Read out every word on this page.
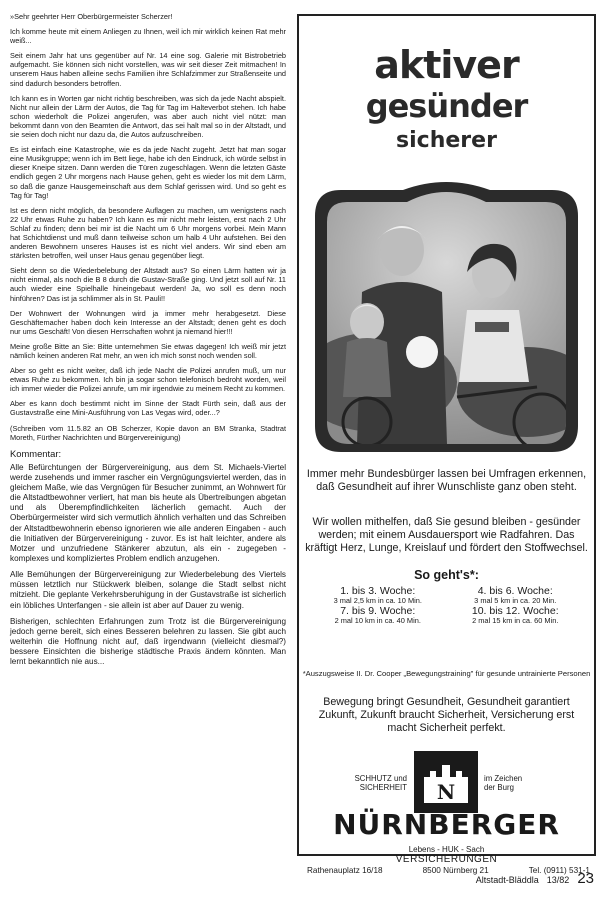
»Sehr geehrter Herr Oberbürgermeister Scherzer!

Ich komme heute mit einem Anliegen zu Ihnen, weil ich mir wirklich keinen Rat mehr weiß...

Seit einem Jahr hat uns gegenüber auf Nr. 14 eine sog. Galerie mit Bistrobetrieb aufgemacht. Sie können sich nicht vorstellen, was wir seit dieser Zeit mitmachen! In unserem Haus haben alleine sechs Familien ihre Schlafzimmer zur Straßenseite und sind dadurch besonders betroffen.

Ich kann es in Worten gar nicht richtig beschreiben, was sich da jede Nacht abspielt. Nicht nur allein der Lärm der Autos, die Tag für Tag im Halteverbot stehen. Ich habe schon wiederholt die Polizei angerufen, was aber auch nicht viel nützt: man bekommt dann von den Beamten die Antwort, das sei halt mal so in der Altstadt, und sie seien doch nicht nur dazu da, die Autos aufzuschreiben.

Es ist einfach eine Katastrophe, wie es da jede Nacht zugeht. Jetzt hat man sogar eine Musikgruppe; wenn ich im Bett liege, habe ich den Eindruck, ich würde selbst in dieser Kneipe sitzen. Dann werden die Türen zugeschlagen. Wenn die letzten Gäste endlich gegen 2 Uhr morgens nach Hause gehen, geht es wieder los mit dem Lärm, so daß die ganze Hausgemeinschaft aus dem Schlaf gerissen wird. Und so geht es Tag für Tag!

Ist es denn nicht möglich, da besondere Auflagen zu machen, um wenigstens nach 22 Uhr etwas Ruhe zu haben? Ich kann es mir nicht mehr leisten, erst nach 2 Uhr Schlaf zu finden; denn bei mir ist die Nacht um 6 Uhr morgens vorbei. Mein Mann hat Schichtdienst und muß dann teilweise schon um halb 4 Uhr aufstehen. Bei den anderen Bewohnern unseres Hauses ist es nicht viel anders. Wir sind eben am stärksten betroffen, weil unser Haus genau gegenüber liegt.

Sieht denn so die Wiederbelebung der Altstadt aus? So einen Lärm hatten wir ja nicht einmal, als noch die B 8 durch die Gustav-Straße ging. Und jetzt soll auf Nr. 11 auch wieder eine Spielhalle hineingebaut werden! Ja, wo soll es denn noch hinführen? Das ist ja schlimmer als in St. Pauli!!

Der Wohnwert der Wohnungen wird ja immer mehr herabgesetzt. Diese Geschäftemacher haben doch kein Interesse an der Altstadt; denen geht es doch nur ums Geschäft! Von diesen Herrschaften wohnt ja niemand hier!!!

Meine große Bitte an Sie: Bitte unternehmen Sie etwas dagegen! Ich weiß mir jetzt nämlich keinen anderen Rat mehr, an wen ich mich sonst noch wenden soll.

Aber so geht es nicht weiter, daß ich jede Nacht die Polizei anrufen muß, um nur etwas Ruhe zu bekommen. Ich bin ja sogar schon telefonisch bedroht worden, weil ich immer wieder die Polizei anrufe, um mir irgendwie zu meinem Recht zu kommen.

Aber es kann doch bestimmt nicht im Sinne der Stadt Fürth sein, daß aus der Gustavstraße eine Mini-Ausführung von Las Vegas wird, oder...?

(Schreiben vom 11.5.82 an OB Scherzer, Kopie davon an BM Stranka, Stadtrat Moreth, Fürther Nachrichten und Bürgervereinigung)

Kommentar:

Alle Befürchtungen der Bürgervereinigung, aus dem St. Michaels-Viertel werde zusehends und immer rascher ein Vergnügungsviertel werden, das in gleichem Maße, wie das Vergnügen für Besucher zunimmt, an Wohnwert für die Altstadtbewohner verliert, hat man bis heute als Übertreibungen abgetan und als Überempfindlichkeiten lächerlich gemacht. Auch der Oberbürgermeister wird sich vermutlich ähnlich verhalten und das Schreiben der Altstadtbewohnerin ebenso ignorieren wie alle anderen Eingaben - auch die Initiativen der Bürgervereinigung - zuvor. Es ist halt leichter, andere als Motzer und unzufriedene Stänkerer abzutun, als ein - zugegeben - komplexes und kompliziertes Problem endlich anzugehen.

Alle Bemühungen der Bürgervereinigung zur Wiederbelebung des Viertels müssen letztlich nur Stückwerk bleiben, solange die Stadt selbst nicht mitzieht. Die geplante Verkehrsberuhigung in der Gustavstraße ist sicherlich ein löbliches Unterfangen - sie allein ist aber auf Dauer zu wenig.

Bisherigen, schlechten Erfahrungen zum Trotz ist die Bürgervereinigung jedoch gerne bereit, sich eines Besseren belehren zu lassen. Sie gibt auch weiterhin die Hoffnung nicht auf, daß irgendwann (vielleicht diesmal?) bessere Einsichten die bisherige städtische Praxis ändern könnten. Man lernt bekanntlich nie aus...

aktiver
gesünder
sicherer
Immer mehr Bundesbürger lassen bei Umfragen erkennen, daß Gesundheit auf ihrer Wunschliste ganz oben steht.
Wir wollen mithelfen, daß Sie gesund bleiben - gesünder werden; mit einem Ausdauersport wie Radfahren. Das kräftigt Herz, Lunge, Kreislauf und fördert den Stoffwechsel.
So geht's*:
1. bis 3. Woche:
3 mal 2,5 km in ca. 10 Min.
4. bis 6. Woche:
3 mal 5 km in ca. 20 Min.
7. bis 9. Woche:
2 mal 10 km in ca. 40 Min.
10. bis 12. Woche:
2 mal 15 km in ca. 60 Min.
*Auszugsweise II. Dr. Cooper „Bewegungstraining" für gesunde untrainierte Personen
Bewegung bringt Gesundheit, Gesundheit garantiert Zukunft, Zukunft braucht Sicherheit, Versicherung erst macht Sicherheit perfekt.
SCHHUTZ und
SICHERHEIT N
im Zeichen
der Burg
NÜRNBERGER
Lebens - HUK - Sach
VERSICHERUNGEN
Rathenauplatz 16/18	8500 Nürnberg 21	Tel. (0911) 531-1
Altstadt-Bläddla 13/82 23
